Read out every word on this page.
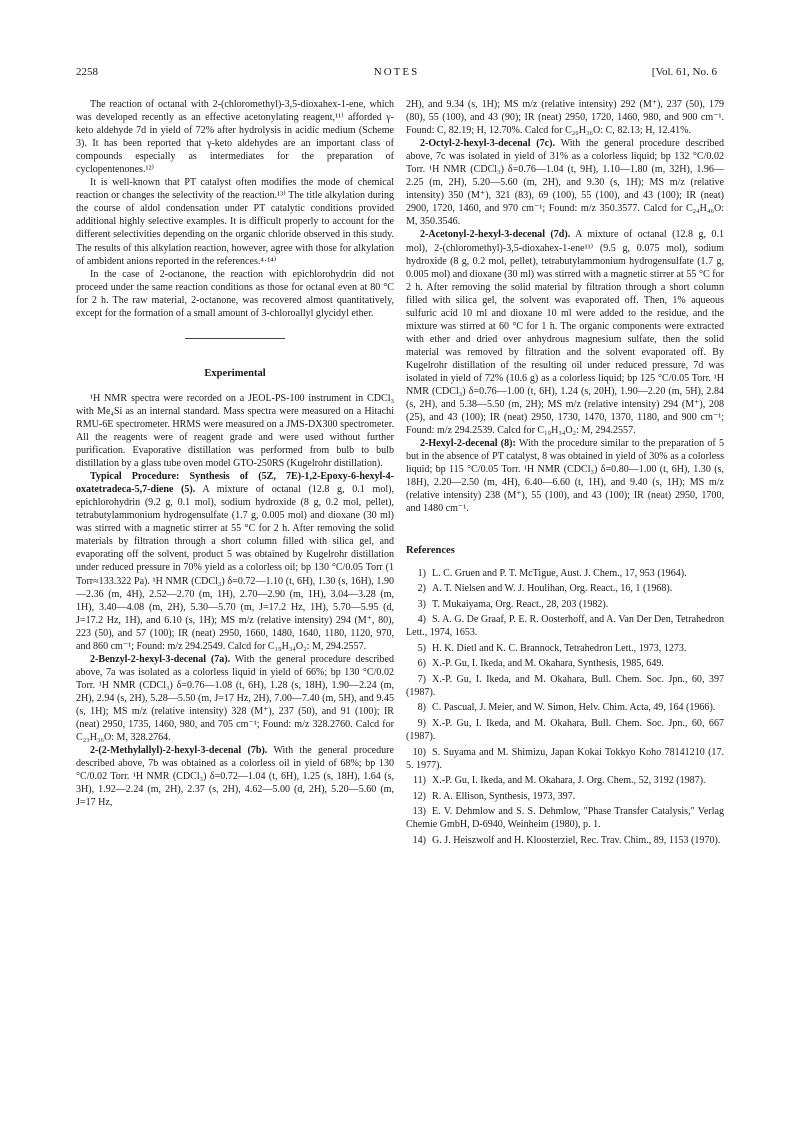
2258	NOTES	[Vol. 61, No. 6

The reaction of octanal with 2-(chloromethyl)-3,5-dioxahex-1-ene, which was developed recently as an effective acetonylating reagent,¹¹⁾ afforded γ-keto aldehyde 7d in yield of 72% after hydrolysis in acidic medium (Scheme 3). It has been reported that γ-keto aldehydes are an important class of compounds especially as intermediates for the preparation of cyclopentenones.¹²⁾

It is well-known that PT catalyst often modifies the mode of chemical reaction or changes the selectivity of the reaction.¹³⁾ The title alkylation during the course of aldol condensation under PT catalytic conditions provided additional highly selective examples. It is difficult properly to account for the different selectivities depending on the organic chloride observed in this study. The results of this alkylation reaction, however, agree with those for alkylation of ambident anions reported in the references.⁴·¹⁴⁾

In the case of 2-octanone, the reaction with epichlorohydrin did not proceed under the same reaction conditions as those for octanal even at 80 °C for 2 h. The raw material, 2-octanone, was recovered almost quantitatively, except for the formation of a small amount of 3-chloroallyl glycidyl ether.

Experimental

¹H NMR spectra were recorded on a JEOL-PS-100 instrument in CDCl₃ with Me₄Si as an internal standard. Mass spectra were measured on a Hitachi RMU-6E spectrometer. HRMS were measured on a JMS-DX300 spectrometer. All the reagents were of reagent grade and were used without further purification. Evaporative distillation was performed from bulb to bulb distillation by a glass tube oven model GTO-250RS (Kugelrohr distillation).

Typical Procedure: Synthesis of (5Z, 7E)-1,2-Epoxy-6-hexyl-4-oxatetradeca-5,7-diene (5). A mixture of octanal (12.8 g, 0.1 mol), epichlorohydrin (9.2 g, 0.1 mol), sodium hydroxide (8 g, 0.2 mol, pellet), tetrabutylammonium hydrogensulfate (1.7 g, 0.005 mol) and dioxane (30 ml) was stirred with a magnetic stirrer at 55 °C for 2 h. After removing the solid materials by filtration through a short column filled with silica gel, and evaporating off the solvent, product 5 was obtained by Kugelrohr distillation under reduced pressure in 70% yield as a colorless oil; bp 130 °C/0.05 Torr (1 Torr≈133.322 Pa). ¹H NMR (CDCl₃) δ=0.72—1.10 (t, 6H), 1.30 (s, 16H), 1.90—2.36 (m, 4H), 2.52—2.70 (m, 1H), 2.70—2.90 (m, 1H), 3.04—3.28 (m, 1H), 3.40—4.08 (m, 2H), 5.30—5.70 (m, J=17.2 Hz, 1H), 5.70—5.95 (d, J=17.2 Hz, 1H), and 6.10 (s, 1H); MS m/z (relative intensity) 294 (M⁺, 80), 223 (50), and 57 (100); IR (neat) 2950, 1660, 1480, 1640, 1180, 1120, 970, and 860 cm⁻¹; Found: m/z 294.2549. Calcd for C₁₉H₃₄O₂: M, 294.2557.

2-Benzyl-2-hexyl-3-decenal (7a). With the general procedure described above, 7a was isolated as a colorless liquid in yield of 66%; bp 130 °C/0.02 Torr. ¹H NMR (CDCl₃) δ=0.76—1.08 (t, 6H), 1.28 (s, 18H), 1.90—2.24 (m, 2H), 2.94 (s, 2H), 5.28—5.50 (m, J=17 Hz, 2H), 7.00—7.40 (m, 5H), and 9.45 (s, 1H); MS m/z (relative intensity) 328 (M⁺), 237 (50), and 91 (100); IR (neat) 2950, 1735, 1460, 980, and 705 cm⁻¹; Found: m/z 328.2760. Calcd for C₂₃H₃₆O: M, 328.2764.

2-(2-Methylallyl)-2-hexyl-3-decenal (7b). With the general procedure described above, 7b was obtained as a colorless oil in yield of 68%; bp 130 °C/0.02 Torr. ¹H NMR (CDCl₃) δ=0.72—1.04 (t, 6H), 1.25 (s, 18H), 1.64 (s, 3H), 1.92—2.24 (m, 2H), 2.37 (s, 2H), 4.62—5.00 (d, 2H), 5.20—5.60 (m, J=17 Hz,

2H), and 9.34 (s, 1H); MS m/z (relative intensity) 292 (M⁺), 237 (50), 179 (80), 55 (100), and 43 (90); IR (neat) 2950, 1720, 1460, 980, and 900 cm⁻¹. Found: C, 82.19; H, 12.70%. Calcd for C₂₀H₃₆O: C, 82.13; H, 12.41%.

2-Octyl-2-hexyl-3-decenal (7c). With the general procedure described above, 7c was isolated in yield of 31% as a colorless liquid; bp 132 °C/0.02 Torr. ¹H NMR (CDCl₃) δ=0.76—1.04 (t, 9H), 1.10—1.80 (m, 32H), 1.96—2.25 (m, 2H), 5.20—5.60 (m, 2H), and 9.30 (s, 1H); MS m/z (relative intensity) 350 (M⁺), 321 (83), 69 (100), 55 (100), and 43 (100); IR (neat) 2900, 1720, 1460, and 970 cm⁻¹; Found: m/z 350.3577. Calcd for C₂₄H₄₆O: M, 350.3546.

2-Acetonyl-2-hexyl-3-decenal (7d). A mixture of octanal (12.8 g, 0.1 mol), 2-(chloromethyl)-3,5-dioxahex-1-ene¹¹⁾ (9.5 g, 0.075 mol), sodium hydroxide (8 g, 0.2 mol, pellet), tetrabutylammonium hydrogensulfate (1.7 g, 0.005 mol) and dioxane (30 ml) was stirred with a magnetic stirrer at 55 °C for 2 h. After removing the solid material by filtration through a short column filled with silica gel, the solvent was evaporated off. Then, 1% aqueous sulfuric acid 10 ml and dioxane 10 ml were added to the residue, and the mixture was stirred at 60 °C for 1 h. The organic components were extracted with ether and dried over anhydrous magnesium sulfate, then the solid material was removed by filtration and the solvent evaporated off. By Kugelrohr distillation of the resulting oil under reduced pressure, 7d was isolated in yield of 72% (10.6 g) as a colorless liquid; bp 125 °C/0.05 Torr. ¹H NMR (CDCl₃) δ=0.76—1.00 (t, 6H), 1.24 (s, 20H), 1.90—2.20 (m, 5H), 2.84 (s, 2H), and 5.38—5.50 (m, 2H); MS m/z (relative intensity) 294 (M⁺), 208 (25), and 43 (100); IR (neat) 2950, 1730, 1470, 1370, 1180, and 900 cm⁻¹; Found: m/z 294.2539. Calcd for C₁₉H₃₄O₂: M, 294.2557.

2-Hexyl-2-decenal (8): With the procedure similar to the preparation of 5 but in the absence of PT catalyst, 8 was obtained in yield of 30% as a colorless liquid; bp 115 °C/0.05 Torr. ¹H NMR (CDCl₃) δ=0.80—1.00 (t, 6H), 1.30 (s, 18H), 2.20—2.50 (m, 4H), 6.40—6.60 (t, 1H), and 9.40 (s, 1H); MS m/z (relative intensity) 238 (M⁺), 55 (100), and 43 (100); IR (neat) 2950, 1700, and 1480 cm⁻¹.

References
1) L. C. Gruen and P. T. McTigue, Aust. J. Chem., 17, 953 (1964).
2) A. T. Nielsen and W. J. Houlihan, Org. React., 16, 1 (1968).
3) T. Mukaiyama, Org. React., 28, 203 (1982).
4) S. A. G. De Graaf, P. E. R. Oosterhoff, and A. Van Der Den, Tetrahedron Lett., 1974, 1653.
5) H. K. Dietl and K. C. Brannock, Tetrahedron Lett., 1973, 1273.
6) X.-P. Gu, I. Ikeda, and M. Okahara, Synthesis, 1985, 649.
7) X.-P. Gu, I. Ikeda, and M. Okahara, Bull. Chem. Soc. Jpn., 60, 397 (1987).
8) C. Pascual, J. Meier, and W. Simon, Helv. Chim. Acta, 49, 164 (1966).
9) X.-P. Gu, I. Ikeda, and M. Okahara, Bull. Chem. Soc. Jpn., 60, 667 (1987).
10) S. Suyama and M. Shimizu, Japan Kokai Tokkyo Koho 78141210 (17. 5. 1977).
11) X.-P. Gu, I. Ikeda, and M. Okahara, J. Org. Chem., 52, 3192 (1987).
12) R. A. Ellison, Synthesis, 1973, 397.
13) E. V. Dehmlow and S. S. Dehmlow, "Phase Transfer Catalysis," Verlag Chemie GmbH, D-6940, Weinheim (1980), p. 1.
14) G. J. Heiszwolf and H. Kloosterziel, Rec. Trav. Chim., 89, 1153 (1970).
